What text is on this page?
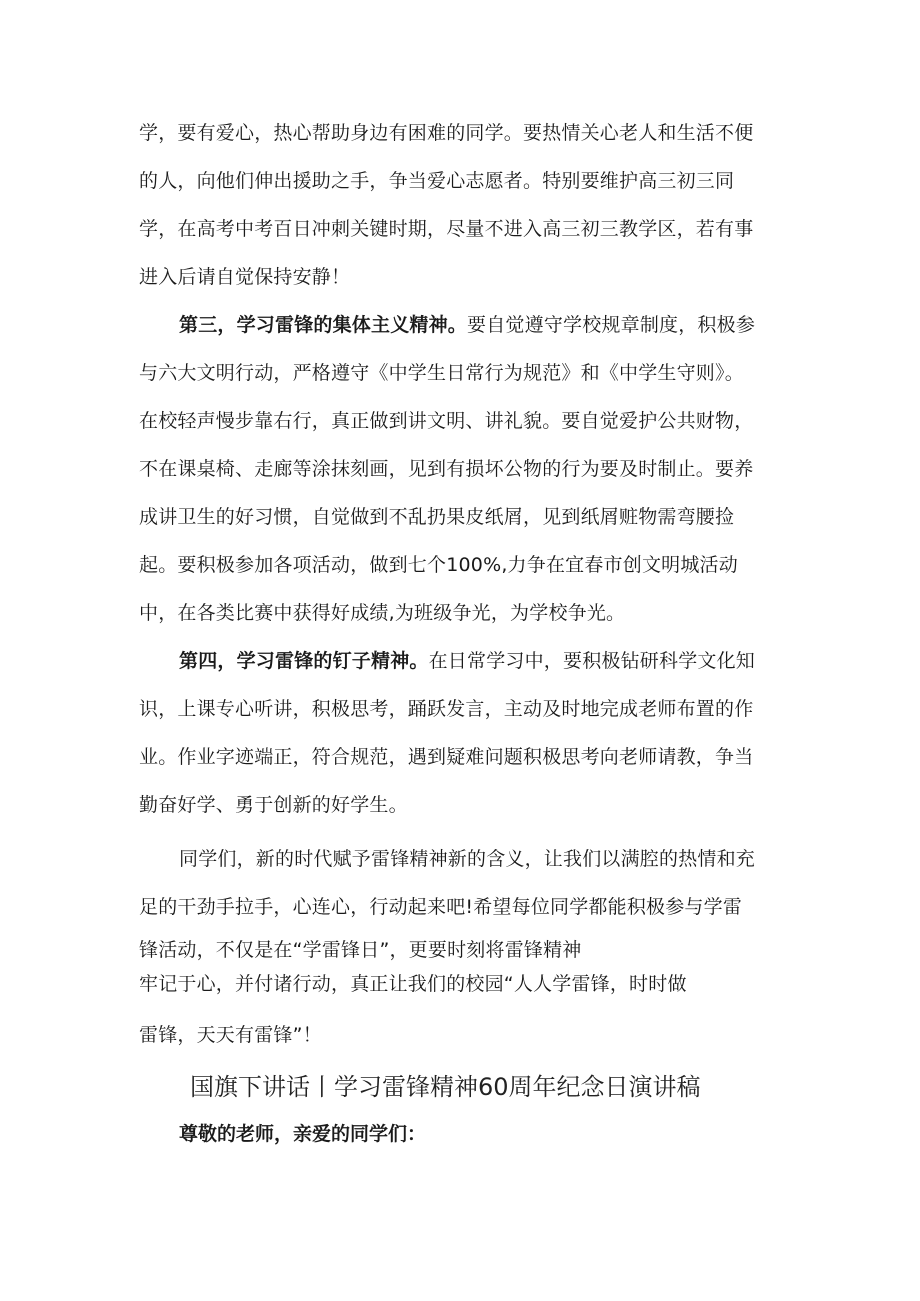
学，要有爱心，热心帮助身边有困难的同学。要热情关心老人和生活不便
的人，向他们伸出援助之手，争当爱心志愿者。特别要维护高三初三同
学，在高考中考百日冲刺关键时期，尽量不进入高三初三教学区，若有事
进入后请自觉保持安静！
第三，学习雷锋的集体主义精神。要自觉遵守学校规章制度，积极参
与六大文明行动，严格遵守《中学生日常行为规范》和《中学生守则》。
在校轻声慢步靠右行，真正做到讲文明、讲礼貌。要自觉爱护公共财物，
不在课桌椅、走廊等涂抹刻画，见到有损坏公物的行为要及时制止。要养
成讲卫生的好习惯，自觉做到不乱扔果皮纸屑，见到纸屑赃物需弯腰捡
起。要积极参加各项活动，做到七个100%,力争在宜春市创文明城活动
中，在各类比赛中获得好成绩,为班级争光，为学校争光。
第四，学习雷锋的钉子精神。在日常学习中，要积极钻研科学文化知
识，上课专心听讲，积极思考，踊跃发言，主动及时地完成老师布置的作
业。作业字迹端正，符合规范，遇到疑难问题积极思考向老师请教，争当
勤奋好学、勇于创新的好学生。
同学们，新的时代赋予雷锋精神新的含义，让我们以满腔的热情和充
足的干劲手拉手，心连心，行动起来吧!希望每位同学都能积极参与学雷
锋活动，不仅是在“学雷锋日”，更要时刻将雷锋精神
牢记于心，并付诸行动，真正让我们的校园“人人学雷锋，时时做
雷锋，天天有雷锋”！
国旗下讲话丨学习雷锋精神60周年纪念日演讲稿
尊敬的老师，亲爱的同学们：
